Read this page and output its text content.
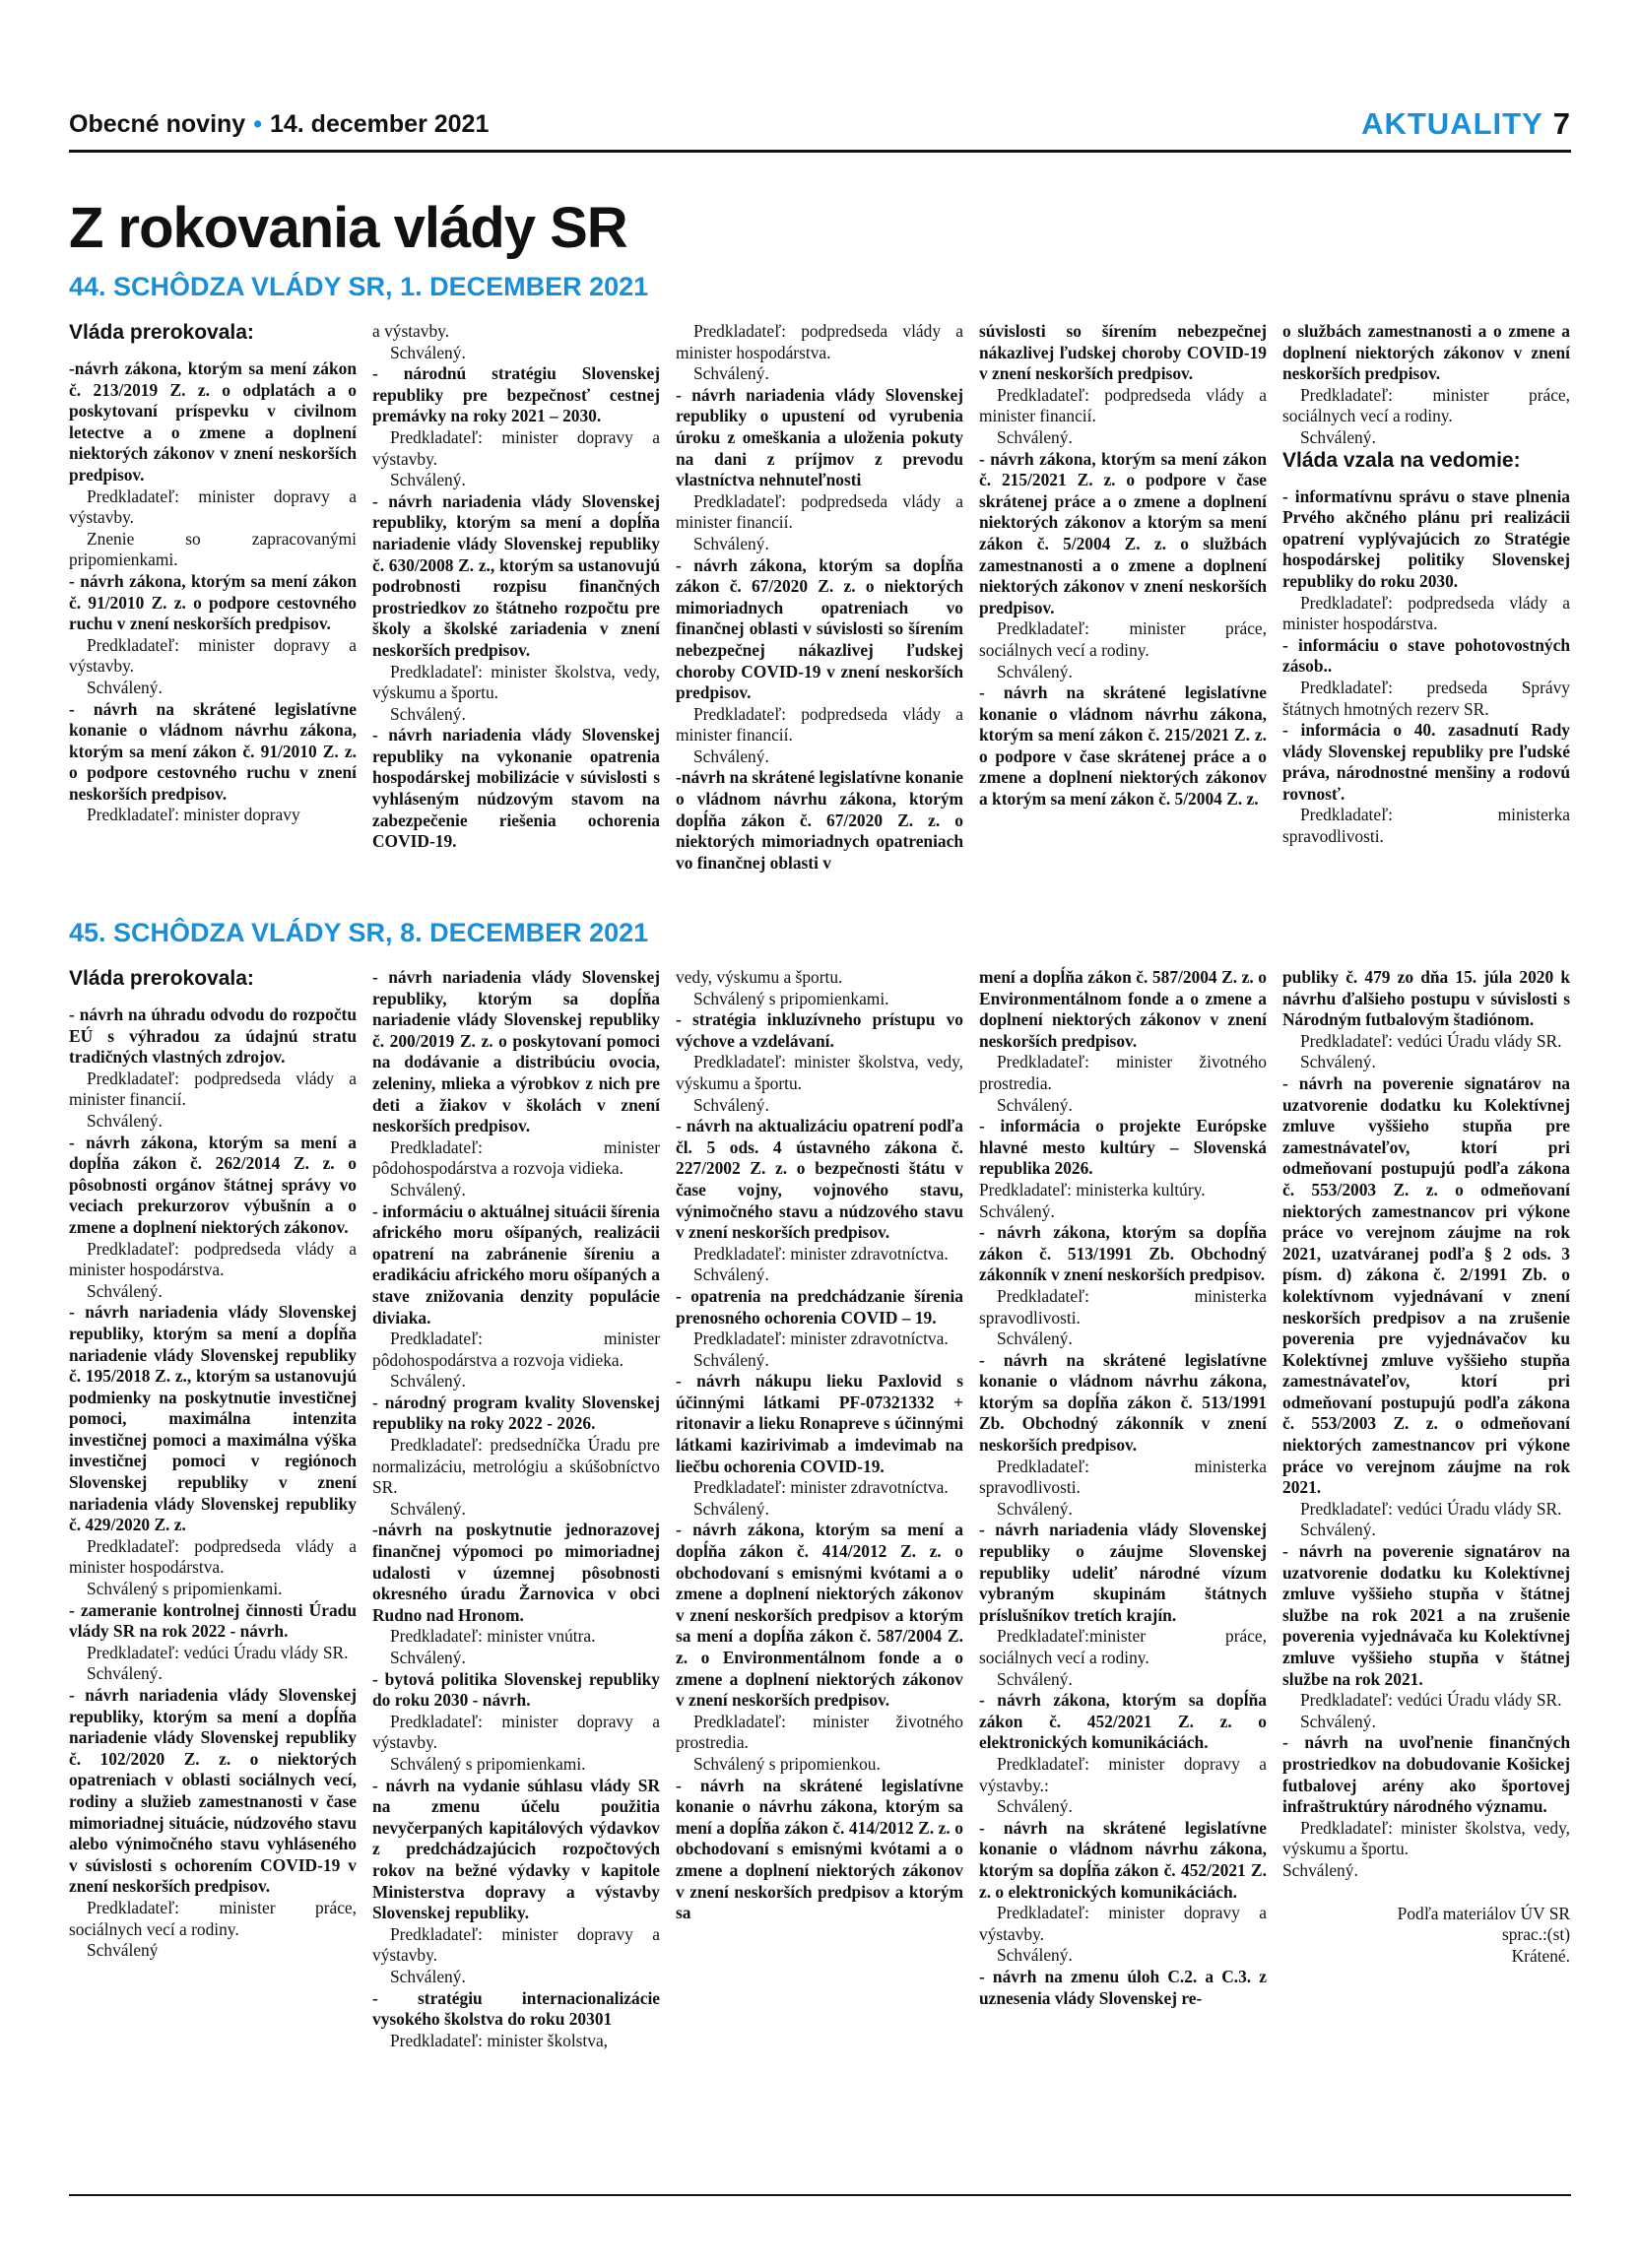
Obecné noviny • 14. december 2021	AKTUALITY 7
Z rokovania vlády SR
44. SCHÔDZA VLÁDY SR, 1. DECEMBER 2021

Vláda prerokovala:

-návrh zákona, ktorým sa mení zákon č. 213/2019 Z. z. o odplatách a o poskytovaní príspevku v civilnom letectve a o zmene a doplnení niektorých zákonov v znení neskorších predpisov.

Predkladateľ: minister dopravy a výstavby.

Znenie so zapracovanými pripomienkami.

- návrh zákona, ktorým sa mení zákon č. 91/2010 Z. z. o podpore cestovného ruchu v znení neskorších predpisov.

Predkladateľ: minister dopravy a výstavby.

Schválený.

- návrh na skrátené legislatívne konanie o vládnom návrhu zákona, ktorým sa mení zákon č. 91/2010 Z. z. o podpore cestovného ruchu v znení neskorších predpisov.

Predkladateľ: minister dopravy

a výstavby.

Schválený.

- národnú stratégiu Slovenskej republiky pre bezpečnosť cestnej premávky na roky 2021 – 2030.

Predkladateľ: minister dopravy a výstavby.

Schválený.

- návrh nariadenia vlády Slovenskej republiky, ktorým sa mení a dopĺňa nariadenie vlády Slovenskej republiky č. 630/2008 Z. z., ktorým sa ustanovujú podrobnosti rozpisu finančných prostriedkov zo štátneho rozpočtu pre školy a školské zariadenia v znení neskorších predpisov.

Predkladateľ: minister školstva, vedy, výskumu a športu.

Schválený.

- návrh nariadenia vlády Slovenskej republiky na vykonanie opatrenia hospodárskej mobilizácie v súvislosti s vyhláseným núdzovým stavom na zabezpečenie riešenia ochorenia COVID-19.

Predkladateľ: podpredseda vlády a minister hospodárstva.

Schválený.

- návrh nariadenia vlády Slovenskej republiky o upustení od vyrubenia úroku z omeškania a uloženia pokuty na dani z príjmov z prevodu vlastníctva nehnuteľnosti

Predkladateľ: podpredseda vlády a minister financií.

Schválený.

- návrh zákona, ktorým sa dopĺňa zákon č. 67/2020 Z. z. o niektorých mimoriadnych opatreniach vo finančnej oblasti v súvislosti so šírením nebezpečnej nákazlivej ľudskej choroby COVID-19 v znení neskorších predpisov.

Predkladateľ: podpredseda vlády a minister financií.

Schválený.

-návrh na skrátené legislatívne konanie o vládnom návrhu zákona, ktorým dopĺňa zákon č. 67/2020 Z. z. o niektorých mimoriadnych opatreniach vo finančnej oblasti v

súvislosti so šírením nebezpečnej nákazlivej ľudskej choroby COVID-19 v znení neskorších predpisov.

Predkladateľ: podpredseda vlády a minister financií.

Schválený.

- návrh zákona, ktorým sa mení zákon č. 215/2021 Z. z. o podpore v čase skrátenej práce a o zmene a doplnení niektorých zákonov a ktorým sa mení zákon č. 5/2004 Z. z. o službách zamestnanosti a o zmene a doplnení niektorých zákonov v znení neskorších predpisov.

Predkladateľ: minister práce, sociálnych vecí a rodiny.

Schválený.

- návrh na skrátené legislatívne konanie o vládnom návrhu zákona, ktorým sa mení zákon č. 215/2021 Z. z. o podpore v čase skrátenej práce a o zmene a doplnení niektorých zákonov a ktorým sa mení zákon č. 5/2004 Z. z.

o službách zamestnanosti a o zmene a doplnení niektorých zákonov v znení neskorších predpisov.

Predkladateľ: minister práce, sociálnych vecí a rodiny.

Schválený.

Vláda vzala na vedomie:

- informatívnu správu o stave plnenia Prvého akčného plánu pri realizácii opatrení vyplývajúcich zo Stratégie hospodárskej politiky Slovenskej republiky do roku 2030.

Predkladateľ: podpredseda vlády a minister hospodárstva.

- informáciu o stave pohotovostných zásob..

Predkladateľ: predseda Správy štátnych hmotných rezerv SR.

- informácia o 40. zasadnutí Rady vlády Slovenskej republiky pre ľudské práva, národnostné menšiny a rodovú rovnosť.

Predkladateľ: ministerka spravodlivosti.

45. SCHÔDZA VLÁDY SR, 8. DECEMBER 2021

Vláda prerokovala:

- návrh na úhradu odvodu do rozpočtu EÚ s výhradou za údajnú stratu tradičných vlastných zdrojov.

Predkladateľ: podpredseda vlády a minister financií.

Schválený.

- návrh zákona, ktorým sa mení a dopĺňa zákon č. 262/2014 Z. z. o pôsobnosti orgánov štátnej správy vo veciach prekurzorov výbušnín a o zmene a doplnení niektorých zákonov.

Predkladateľ: podpredseda vlády a minister hospodárstva.

Schválený.

- návrh nariadenia vlády Slovenskej republiky, ktorým sa mení a dopĺňa nariadenie vlády Slovenskej republiky č. 195/2018 Z. z., ktorým sa ustanovujú podmienky na poskytnutie investičnej pomoci, maximálna intenzita investičnej pomoci a maximálna výška investičnej pomoci v regiónoch Slovenskej republiky v znení nariadenia vlády Slovenskej republiky č. 429/2020 Z. z.

Predkladateľ: podpredseda vlády a minister hospodárstva.

Schválený s pripomienkami.

- zameranie kontrolnej činnosti Úradu vlády SR na rok 2022 - návrh.

Predkladateľ: vedúci Úradu vlády SR.

Schválený.

- návrh nariadenia vlády Slovenskej republiky, ktorým sa mení a dopĺňa nariadenie vlády Slovenskej republiky č. 102/2020 Z. z. o niektorých opatreniach v oblasti sociálnych vecí, rodiny a služieb zamestnanosti v čase mimoriadnej situácie, núdzového stavu alebo výnimočného stavu vyhláseného v súvislosti s ochorením COVID-19 v znení neskorších predpisov.

Predkladateľ: minister práce, sociálnych vecí a rodiny.

Schválený

- návrh nariadenia vlády Slovenskej republiky, ktorým sa dopĺňa nariadenie vlády Slovenskej republiky č. 200/2019 Z. z. o poskytovaní pomoci na dodávanie a distribúciu ovocia, zeleniny, mlieka a výrobkov z nich pre deti a žiakov v školách v znení neskorších predpisov.

Predkladateľ: minister pôdohospodárstva a rozvoja vidieka.

Schválený.

- informáciu o aktuálnej situácii šírenia afrického moru ošípaných, realizácii opatrení na zabránenie šíreniu a eradikáciu afrického moru ošípaných a stave znižovania denzity populácie diviaka.

Predkladateľ: minister pôdohospodárstva a rozvoja vidieka.

Schválený.

- národný program kvality Slovenskej republiky na roky 2022 - 2026.

Predkladateľ: predsedníčka Úradu pre normalizáciu, metrológiu a skúšobníctvo SR.

Schválený.

-návrh na poskytnutie jednorazovej finančnej výpomoci po mimoriadnej udalosti v územnej pôsobnosti okresného úradu Žarnovica v obci Rudno nad Hronom.

Predkladateľ: minister vnútra.

Schválený.

- bytová politika Slovenskej republiky do roku 2030 - návrh.

Predkladateľ: minister dopravy a výstavby.

Schválený s pripomienkami.

- návrh na vydanie súhlasu vlády SR na zmenu účelu použitia nevyčerpaných kapitálových výdavkov z predchádzajúcich rozpočtových rokov na bežné výdavky v kapitole Ministerstva dopravy a výstavby Slovenskej republiky.

Predkladateľ: minister dopravy a výstavby.

Schválený.

- stratégiu internacionalizácie vysokého školstva do roku 20301

Predkladateľ: minister školstva,

vedy, výskumu a športu.

Schválený s pripomienkami.

- stratégia inkluzívneho prístupu vo výchove a vzdelávaní.

Predkladateľ: minister školstva, vedy, výskumu a športu.

Schválený.

- návrh na aktualizáciu opatrení podľa čl. 5 ods. 4 ústavného zákona č. 227/2002 Z. z. o bezpečnosti štátu v čase vojny, vojnového stavu, výnimočného stavu a núdzového stavu v znení neskorších predpisov.

Predkladateľ: minister zdravotníctva.

Schválený.

- opatrenia na predchádzanie šírenia prenosného ochorenia COVID – 19.

Predkladateľ: minister zdravotníctva.

Schválený.

- návrh nákupu lieku Paxlovid s účinnými látkami PF-07321332 + ritonavir a lieku Ronapreve s účinnými látkami kazirivimab a imdevimab na liečbu ochorenia COVID-19.

Predkladateľ: minister zdravotníctva.

Schválený.

- návrh zákona, ktorým sa mení a dopĺňa zákon č. 414/2012 Z. z. o obchodovaní s emisnými kvótami a o zmene a doplnení niektorých zákonov v znení neskorších predpisov a ktorým sa mení a dopĺňa zákon č. 587/2004 Z. z. o Environmentálnom fonde a o zmene a doplnení niektorých zákonov v znení neskorších predpisov.

Predkladateľ: minister životného prostredia.

Schválený s pripomienkou.

- návrh na skrátené legislatívne konanie o návrhu zákona, ktorým sa mení a dopĺňa zákon č. 414/2012 Z. z. o obchodovaní s emisnými kvótami a o zmene a doplnení niektorých zákonov v znení neskorších predpisov a ktorým sa

mení a dopĺňa zákon č. 587/2004 Z. z. o Environmentálnom fonde a o zmene a doplnení niektorých zákonov v znení neskorších predpisov.

Predkladateľ: minister životného prostredia.

Schválený.

- informácia o projekte Európske hlavné mesto kultúry – Slovenská republika 2026.

Predkladateľ: ministerka kultúry.

Schválený.

- návrh zákona, ktorým sa dopĺňa zákon č. 513/1991 Zb. Obchodný zákonník v znení neskorších predpisov.

Predkladateľ: ministerka spravodlivosti.

Schválený.

- návrh na skrátené legislatívne konanie o vládnom návrhu zákona, ktorým sa dopĺňa zákon č. 513/1991 Zb. Obchodný zákonník v znení neskorších predpisov.

Predkladateľ: ministerka spravodlivosti.

Schválený.

- návrh nariadenia vlády Slovenskej republiky o záujme Slovenskej republiky udeliť národné vízum vybraným skupinám štátnych príslušníkov tretích krajín.

Predkladateľ:minister práce, sociálnych vecí a rodiny.

Schválený.

- návrh zákona, ktorým sa dopĺňa zákon č. 452/2021 Z. z. o elektronických komunikáciách.

Predkladateľ: minister dopravy a výstavby.:

Schválený.

- návrh na skrátené legislatívne konanie o vládnom návrhu zákona, ktorým sa dopĺňa zákon č. 452/2021 Z. z. o elektronických komunikáciách.

Predkladateľ: minister dopravy a výstavby.

Schválený.

- návrh na zmenu úloh C.2. a C.3. z uznesenia vlády Slovenskej re-

publiky č. 479 zo dňa 15. júla 2020 k návrhu ďalšieho postupu v súvislosti s Národným futbalovým štadiónom.

Predkladateľ: vedúci Úradu vlády SR.

Schválený.

- návrh na poverenie signatárov na uzatvorenie dodatku ku Kolektívnej zmluve vyššieho stupňa pre zamestnávateľov, ktorí pri odmeňovaní postupujú podľa zákona č. 553/2003 Z. z. o odmeňovaní niektorých zamestnancov pri výkone práce vo verejnom záujme na rok 2021, uzatváranej podľa § 2 ods. 3 písm. d) zákona č. 2/1991 Zb. o kolektívnom vyjednávaní v znení neskorších predpisov a na zrušenie poverenia pre vyjednávačov ku Kolektívnej zmluve vyššieho stupňa zamestnávateľov, ktorí pri odmeňovaní postupujú podľa zákona č. 553/2003 Z. z. o odmeňovaní niektorých zamestnancov pri výkone práce vo verejnom záujme na rok 2021.

Predkladateľ: vedúci Úradu vlády SR.

Schválený.

- návrh na poverenie signatárov na uzatvorenie dodatku ku Kolektívnej zmluve vyššieho stupňa v štátnej službe na rok 2021 a na zrušenie poverenia vyjednávača ku Kolektívnej zmluve vyššieho stupňa v štátnej službe na rok 2021.

Predkladateľ: vedúci Úradu vlády SR.

Schválený.

- návrh na uvoľnenie finančných prostriedkov na dobudovanie Košickej futbalovej arény ako športovej infraštruktúry národného významu.

Predkladateľ: minister školstva, vedy, výskumu a športu.

Schválený.

Podľa materiálov ÚV SR

sprac.:(st)

Krátené.
